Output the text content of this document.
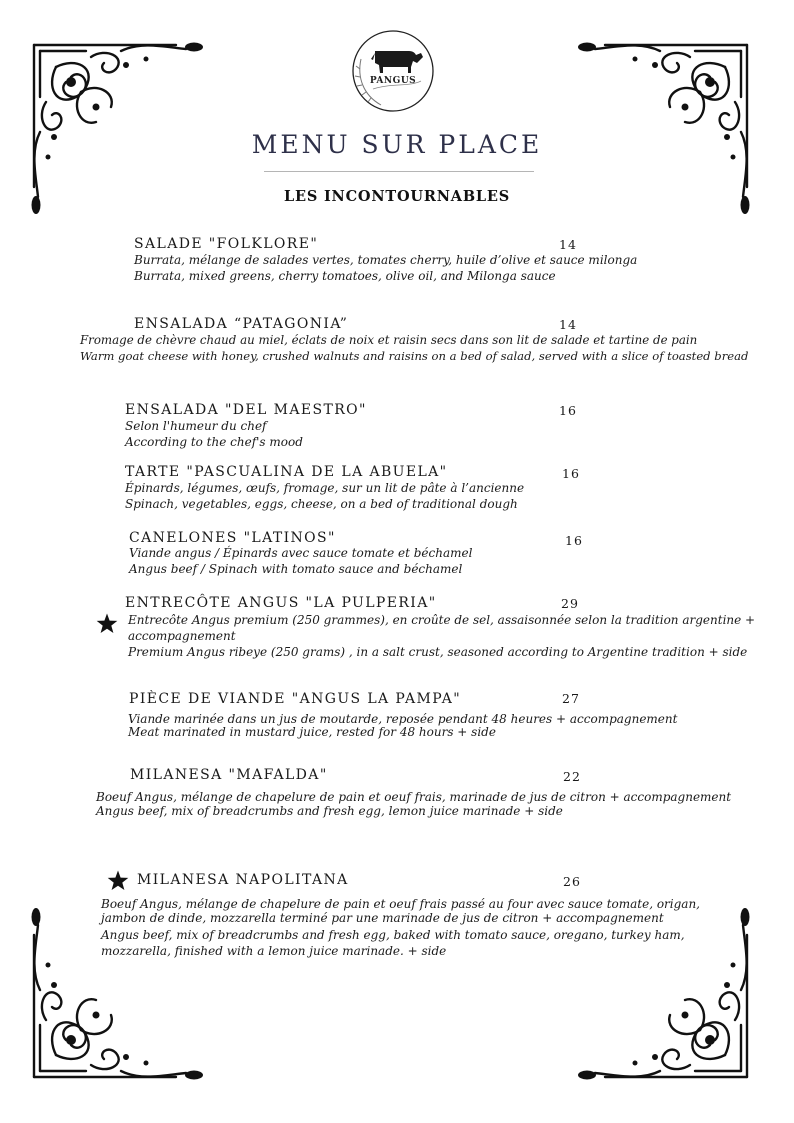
PANGUS
MENU SUR PLACE
LES INCONTOURNABLES
SALADE "FOLKLORE"	14
Burrata, mélange de salades vertes, tomates cherry, huile d’olive et sauce milonga
Burrata, mixed greens, cherry tomatoes, olive oil, and Milonga sauce
ENSALADA “PATAGONIA”	14
Fromage de chèvre chaud au miel, éclats de noix et raisin secs dans son lit de salade et tartine de pain
Warm goat cheese with honey, crushed walnuts and raisins on a bed of salad, served with a slice of toasted bread
ENSALADA "DEL MAESTRO"	16
Selon l'humeur du chef
According to the chef's mood
TARTE "PASCUALINA DE LA ABUELA"	16
Épinards, légumes, œufs, fromage, sur un lit de pâte à l’ancienne
Spinach, vegetables, eggs, cheese, on a bed of traditional dough
CANELONES "LATINOS"	16
Viande angus / Épinards avec sauce tomate et béchamel
Angus beef / Spinach with tomato sauce and béchamel
ENTRECÔTE ANGUS "LA PULPERIA"	29
Entrecôte Angus premium (250 grammes), en croûte de sel, assaisonnée selon la tradition argentine +
accompagnement
Premium Angus ribeye (250 grams) , in a salt crust, seasoned according to Argentine tradition + side
PIÈCE DE VIANDE "ANGUS LA PAMPA"	27
Viande marinée dans un jus de moutarde, reposée pendant 48 heures + accompagnement
Meat marinated in mustard juice, rested for 48 hours + side
MILANESA "MAFALDA"	22
Boeuf Angus, mélange de chapelure de pain et oeuf frais, marinade de jus de citron + accompagnement
Angus beef, mix of breadcrumbs and fresh egg, lemon juice marinade + side
MILANESA NAPOLITANA	26
Boeuf Angus, mélange de chapelure de pain et oeuf frais passé au four avec sauce tomate, origan,
jambon de dinde, mozzarella terminé par une marinade de jus de citron + accompagnement
Angus beef, mix of breadcrumbs and fresh egg, baked with tomato sauce, oregano, turkey ham,
mozzarella, finished with a lemon juice marinade. + side
